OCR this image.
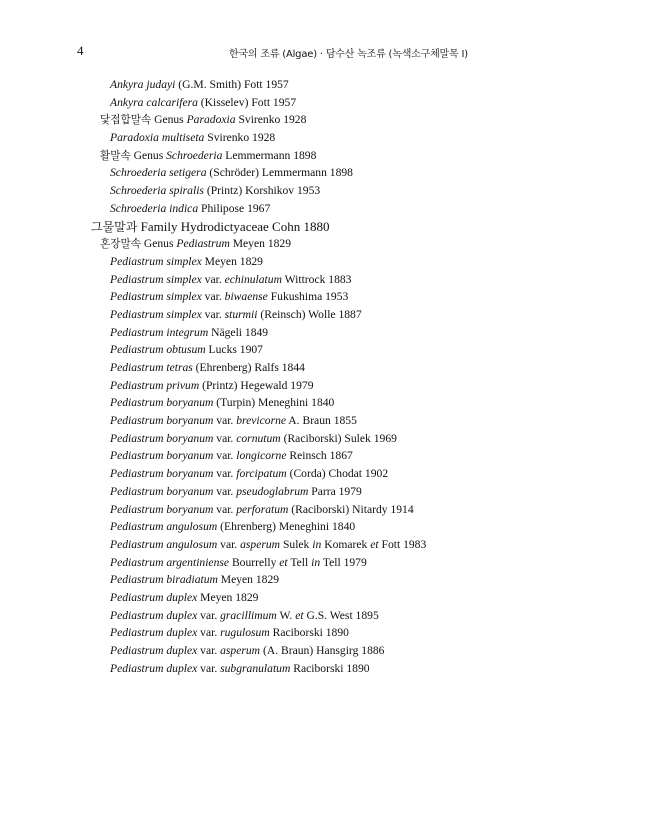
4	한국의 조류 (Algae) · 담수산 녹조류 (녹색소구체말목 I)
Ankyra judayi (G.M. Smith) Fott 1957
Ankyra calcarifera (Kisselev) Fott 1957
닻접합말속 Genus Paradoxia Svirenko 1928
Paradoxia multiseta Svirenko 1928
활말속 Genus Schroederia Lemmermann 1898
Schroederia setigera (Schröder) Lemmermann 1898
Schroederia spiralis (Printz) Korshikov 1953
Schroederia indica Philipose 1967
그물말과 Family Hydrodictyaceae Cohn 1880
혼장말속 Genus Pediastrum Meyen 1829
Pediastrum simplex Meyen 1829
Pediastrum simplex var. echinulatum Wittrock 1883
Pediastrum simplex var. biwaense Fukushima 1953
Pediastrum simplex var. sturmii (Reinsch) Wolle 1887
Pediastrum integrum Nägeli 1849
Pediastrum obtusum Lucks 1907
Pediastrum tetras (Ehrenberg) Ralfs 1844
Pediastrum privum (Printz) Hegewald 1979
Pediastrum boryanum (Turpin) Meneghini 1840
Pediastrum boryanum var. brevicorne A. Braun 1855
Pediastrum boryanum var. cornutum (Raciborski) Sulek 1969
Pediastrum boryanum var. longicorne Reinsch 1867
Pediastrum boryanum var. forcipatum (Corda) Chodat 1902
Pediastrum boryanum var. pseudoglabrum Parra 1979
Pediastrum boryanum var. perforatum (Raciborski) Nitardy 1914
Pediastrum angulosum (Ehrenberg) Meneghini 1840
Pediastrum angulosum var. asperum Sulek in Komarek et Fott 1983
Pediastrum argentiniense Bourrelly et Tell in Tell 1979
Pediastrum biradiatum Meyen 1829
Pediastrum duplex Meyen 1829
Pediastrum duplex var. gracillimum W. et G.S. West 1895
Pediastrum duplex var. rugulosum Raciborski 1890
Pediastrum duplex var. asperum (A. Braun) Hansgirg 1886
Pediastrum duplex var. subgranulatum Raciborski 1890
